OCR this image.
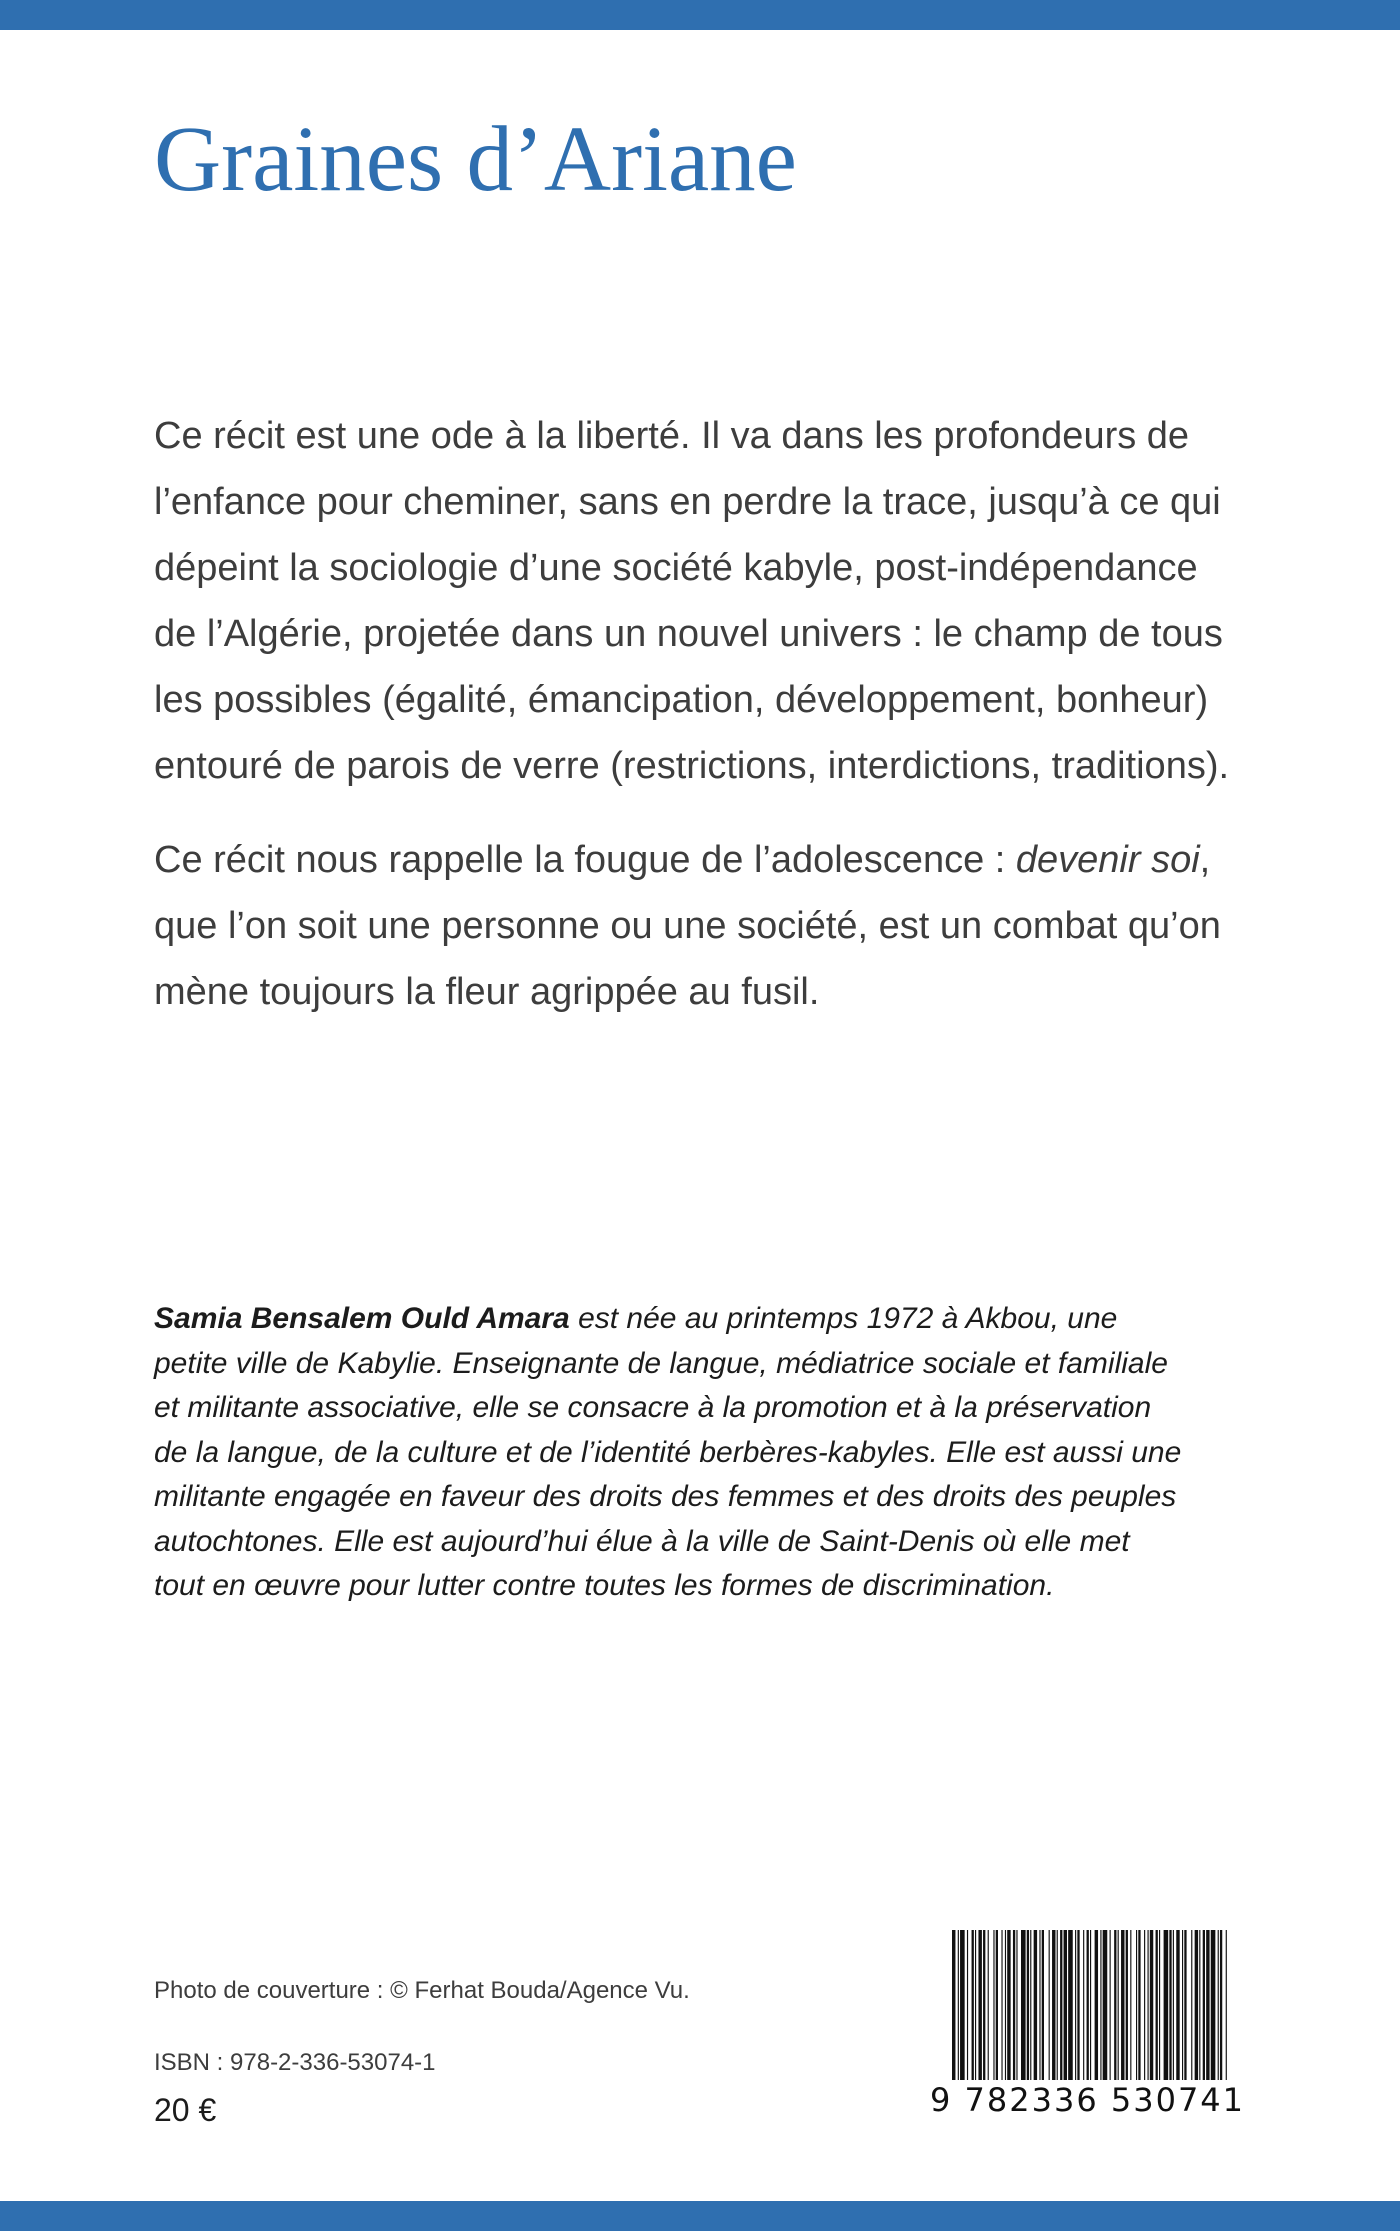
Graines d’Ariane
Ce récit est une ode à la liberté. Il va dans les profondeurs de
l’enfance pour cheminer, sans en perdre la trace, jusqu’à ce qui
dépeint la sociologie d’une société kabyle, post-indépendance
de l’Algérie, projetée dans un nouvel univers : le champ de tous
les possibles (égalité, émancipation, développement, bonheur)
entouré de parois de verre (restrictions, interdictions, traditions).
Ce récit nous rappelle la fougue de l’adolescence : devenir soi,
que l’on soit une personne ou une société, est un combat qu’on
mène toujours la fleur agrippée au fusil.
Samia Bensalem Ould Amara est née au printemps 1972 à Akbou, une
petite ville de Kabylie. Enseignante de langue, médiatrice sociale et familiale
et militante associative, elle se consacre à la promotion et à la préservation
de la langue, de la culture et de l’identité berbères-kabyles. Elle est aussi une
militante engagée en faveur des droits des femmes et des droits des peuples
autochtones. Elle est aujourd’hui élue à la ville de Saint-Denis où elle met
tout en œuvre pour lutter contre toutes les formes de discrimination.

Photo de couverture : © Ferhat Bouda/Agence Vu.

ISBN : 978-2-336-53074-1

20 €	9 782336 530741
